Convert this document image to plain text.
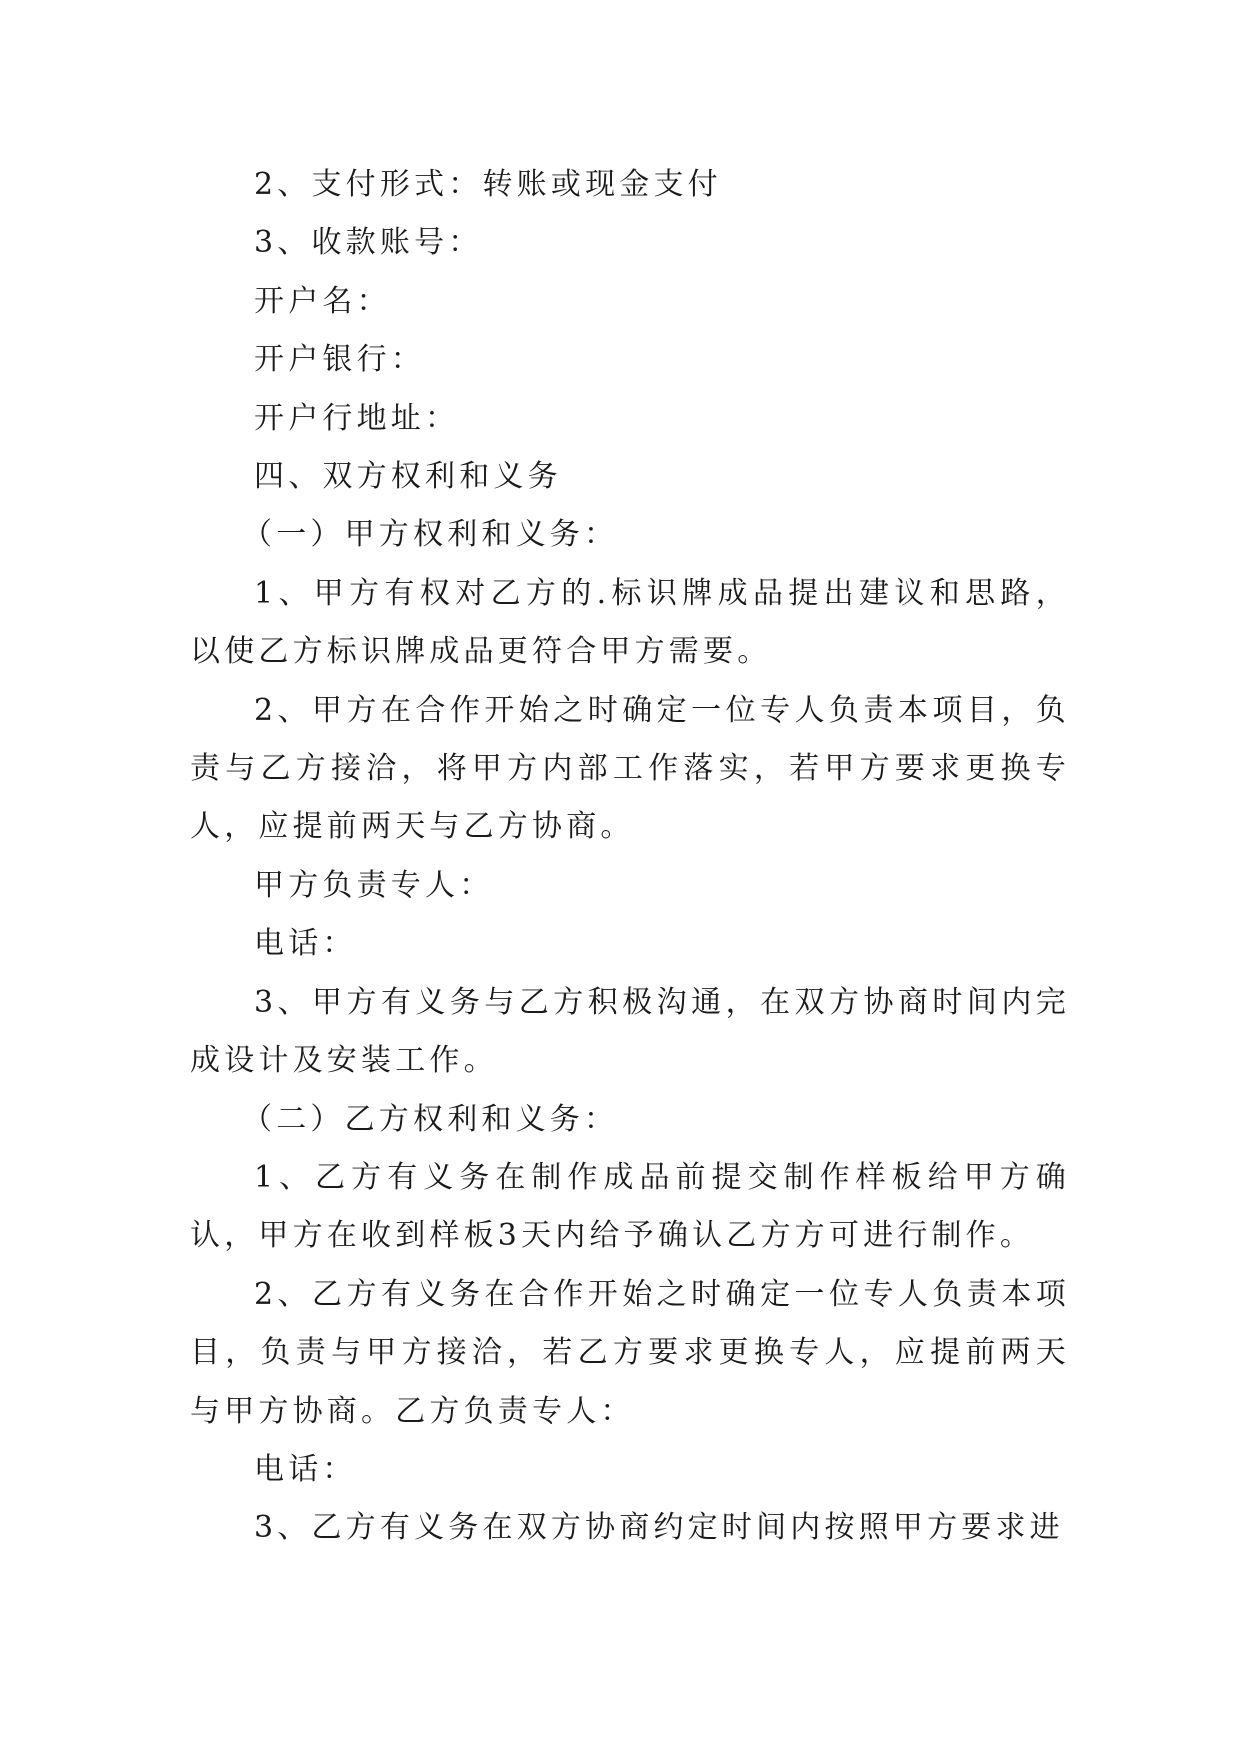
2、支付形式：转账或现金支付

3、收款账号：

开户名：

开户银行：

开户行地址：

四、双方权利和义务

（一）甲方权利和义务：

1、甲方有权对乙方的.标识牌成品提出建议和思路，以使乙方标识牌成品更符合甲方需要。

2、甲方在合作开始之时确定一位专人负责本项目，负责与乙方接洽，将甲方内部工作落实，若甲方要求更换专人，应提前两天与乙方协商。

甲方负责专人：

电话：

3、甲方有义务与乙方积极沟通，在双方协商时间内完成设计及安装工作。

（二）乙方权利和义务：

1、乙方有义务在制作成品前提交制作样板给甲方确认，甲方在收到样板3天内给予确认乙方方可进行制作。

2、乙方有义务在合作开始之时确定一位专人负责本项目，负责与甲方接洽，若乙方要求更换专人，应提前两天与甲方协商。乙方负责专人：

电话：

3、乙方有义务在双方协商约定时间内按照甲方要求进
